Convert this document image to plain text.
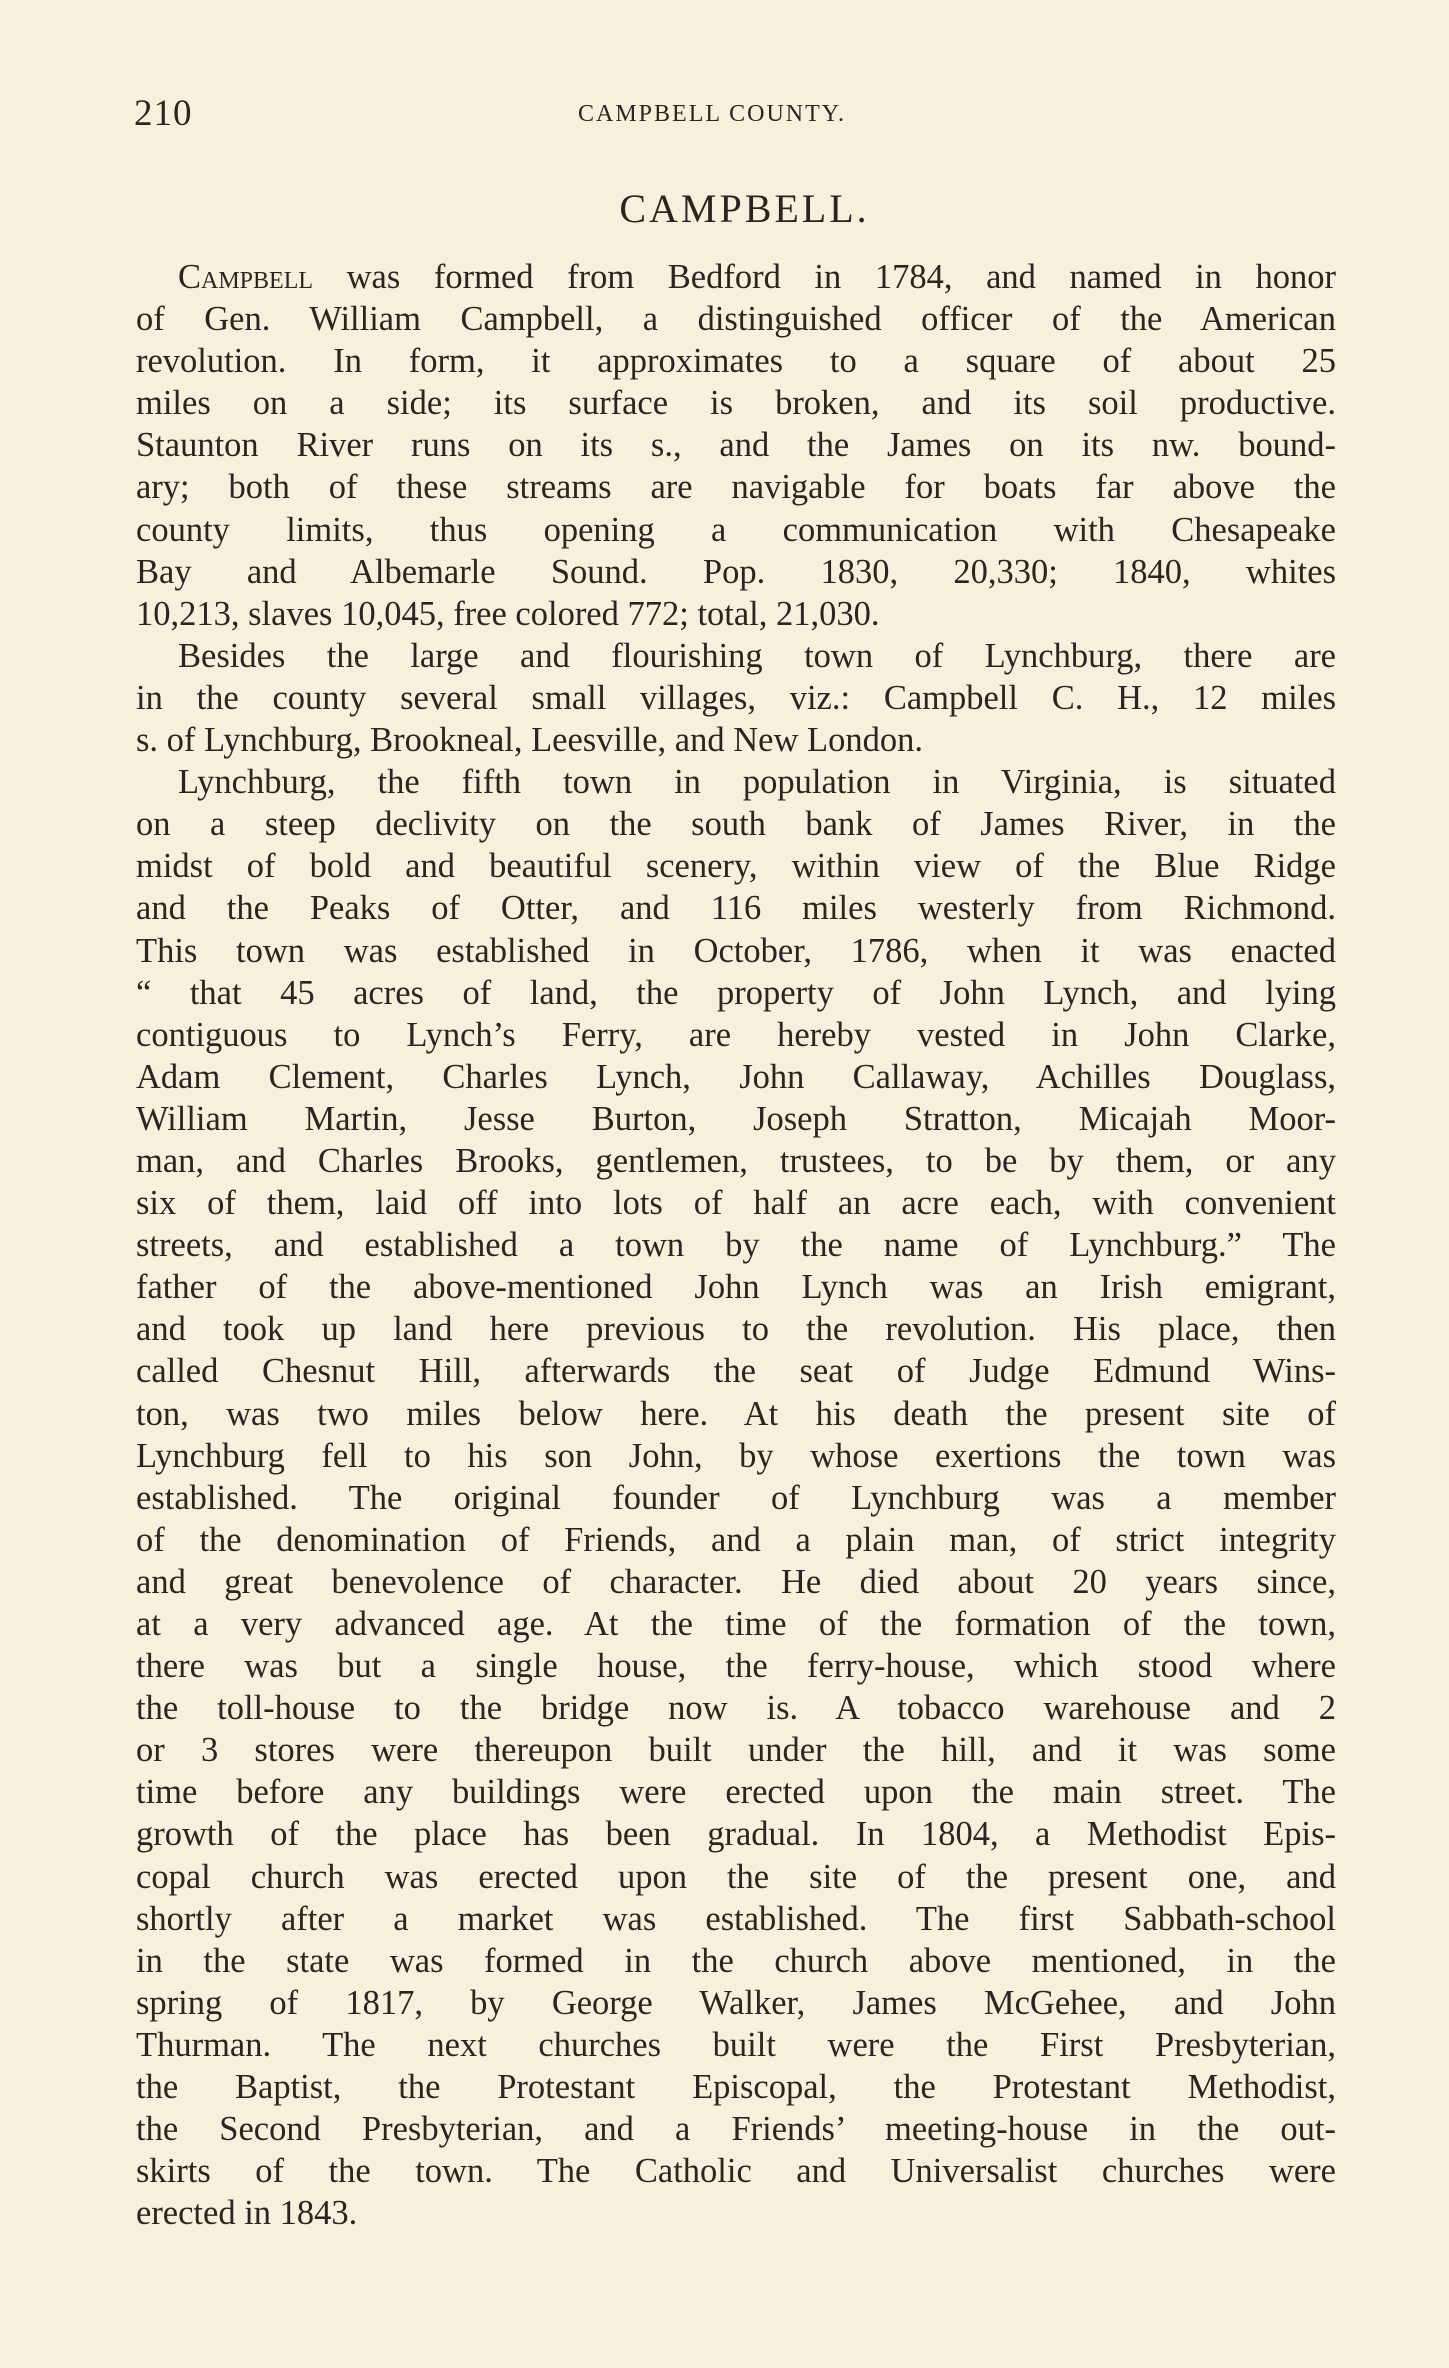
210	CAMPBELL COUNTY.
CAMPBELL.

Campbell was formed from Bedford in 1784, and named in honor
of Gen. William Campbell, a distinguished officer of the American
revolution. In form, it approximates to a square of about 25
miles on a side; its surface is broken, and its soil productive.
Staunton River runs on its s., and the James on its nw. bound-
ary; both of these streams are navigable for boats far above the
county limits, thus opening a communication with Chesapeake
Bay and Albemarle Sound. Pop. 1830, 20,330; 1840, whites
10,213, slaves 10,045, free colored 772; total, 21,030.

Besides the large and flourishing town of Lynchburg, there are
in the county several small villages, viz.: Campbell C. H., 12 miles
s. of Lynchburg, Brookneal, Leesville, and New London.

Lynchburg, the fifth town in population in Virginia, is situated
on a steep declivity on the south bank of James River, in the
midst of bold and beautiful scenery, within view of the Blue Ridge
and the Peaks of Otter, and 116 miles westerly from Richmond.
This town was established in October, 1786, when it was enacted
“ that 45 acres of land, the property of John Lynch, and lying
contiguous to Lynch’s Ferry, are hereby vested in John Clarke,
Adam Clement, Charles Lynch, John Callaway, Achilles Douglass,
William Martin, Jesse Burton, Joseph Stratton, Micajah Moor-
man, and Charles Brooks, gentlemen, trustees, to be by them, or any
six of them, laid off into lots of half an acre each, with convenient
streets, and established a town by the name of Lynchburg.” The
father of the above-mentioned John Lynch was an Irish emigrant,
and took up land here previous to the revolution. His place, then
called Chesnut Hill, afterwards the seat of Judge Edmund Wins-
ton, was two miles below here. At his death the present site of
Lynchburg fell to his son John, by whose exertions the town was
established. The original founder of Lynchburg was a member
of the denomination of Friends, and a plain man, of strict integrity
and great benevolence of character. He died about 20 years since,
at a very advanced age. At the time of the formation of the town,
there was but a single house, the ferry-house, which stood where
the toll-house to the bridge now is. A tobacco warehouse and 2
or 3 stores were thereupon built under the hill, and it was some
time before any buildings were erected upon the main street. The
growth of the place has been gradual. In 1804, a Methodist Epis-
copal church was erected upon the site of the present one, and
shortly after a market was established. The first Sabbath-school
in the state was formed in the church above mentioned, in the
spring of 1817, by George Walker, James McGehee, and John
Thurman. The next churches built were the First Presbyterian,
the Baptist, the Protestant Episcopal, the Protestant Methodist,
the Second Presbyterian, and a Friends’ meeting-house in the out-
skirts of the town. The Catholic and Universalist churches were
erected in 1843.
